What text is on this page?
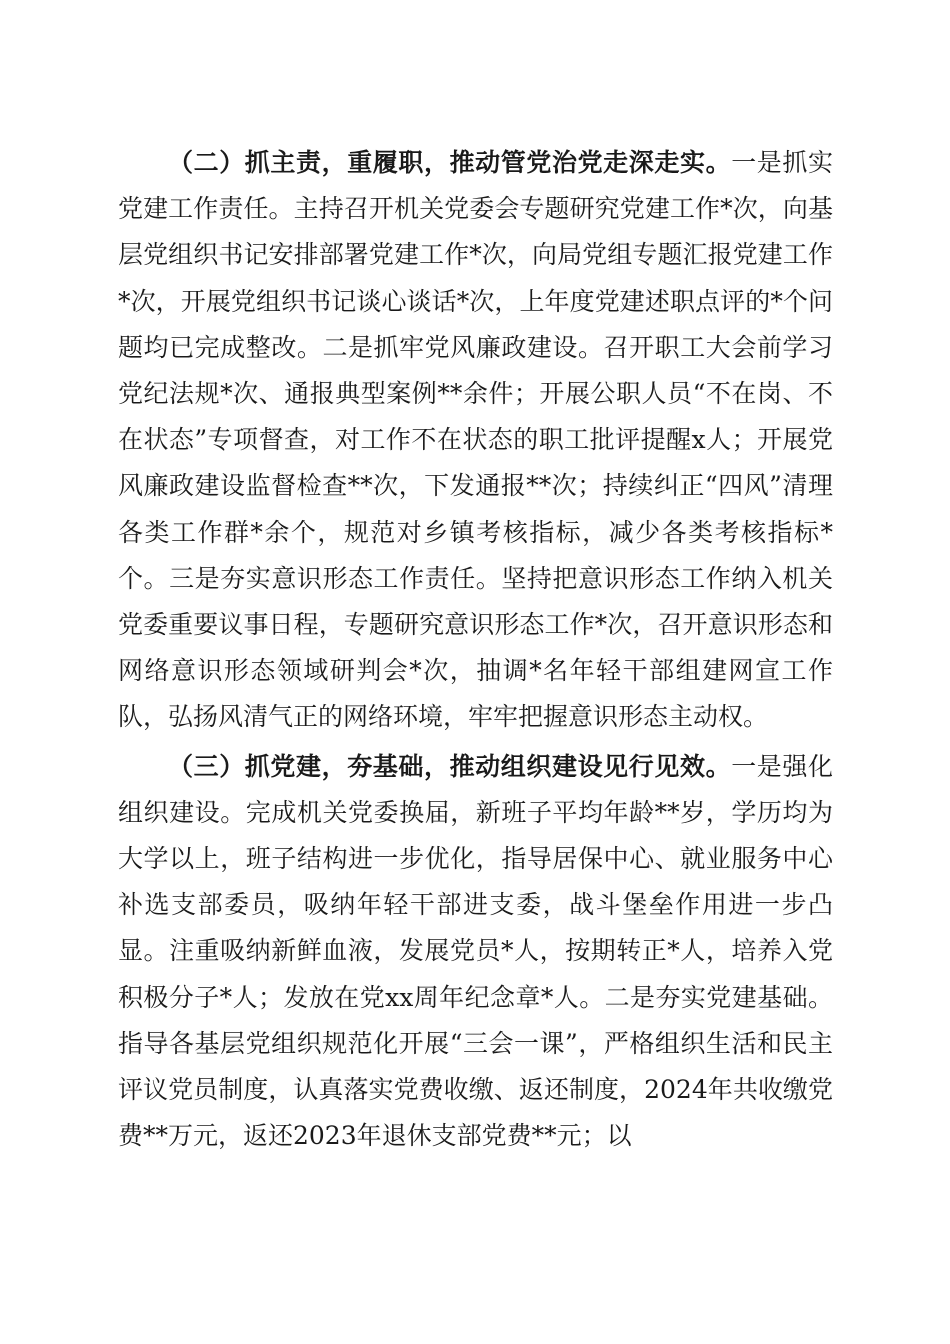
（二）抓主责，重履职，推动管党治党走深走实。一是抓实党建工作责任。主持召开机关党委会专题研究党建工作*次，向基层党组织书记安排部署党建工作*次，向局党组专题汇报党建工作*次，开展党组织书记谈心谈话*次，上年度党建述职点评的*个问题均已完成整改。二是抓牢党风廉政建设。召开职工大会前学习党纪法规*次、通报典型案例**余件；开展公职人员“不在岗、不在状态”专项督查，对工作不在状态的职工批评提醒x人；开展党风廉政建设监督检查**次，下发通报**次；持续纠正“四风”清理各类工作群*余个，规范对乡镇考核指标，减少各类考核指标*个。三是夯实意识形态工作责任。坚持把意识形态工作纳入机关党委重要议事日程，专题研究意识形态工作*次，召开意识形态和网络意识形态领域研判会*次，抽调*名年轻干部组建网宣工作队，弘扬风清气正的网络环境，牢牢把握意识形态主动权。

（三）抓党建，夯基础，推动组织建设见行见效。一是强化组织建设。完成机关党委换届，新班子平均年龄**岁，学历均为大学以上，班子结构进一步优化，指导居保中心、就业服务中心补选支部委员，吸纳年轻干部进支委，战斗堡垒作用进一步凸显。注重吸纳新鲜血液，发展党员*人，按期转正*人，培养入党积极分子*人；发放在党xx周年纪念章*人。二是夯实党建基础。指导各基层党组织规范化开展“三会一课”，严格组织生活和民主评议党员制度，认真落实党费收缴、返还制度，2024年共收缴党费**万元，返还2023年退休支部党费**元；以
